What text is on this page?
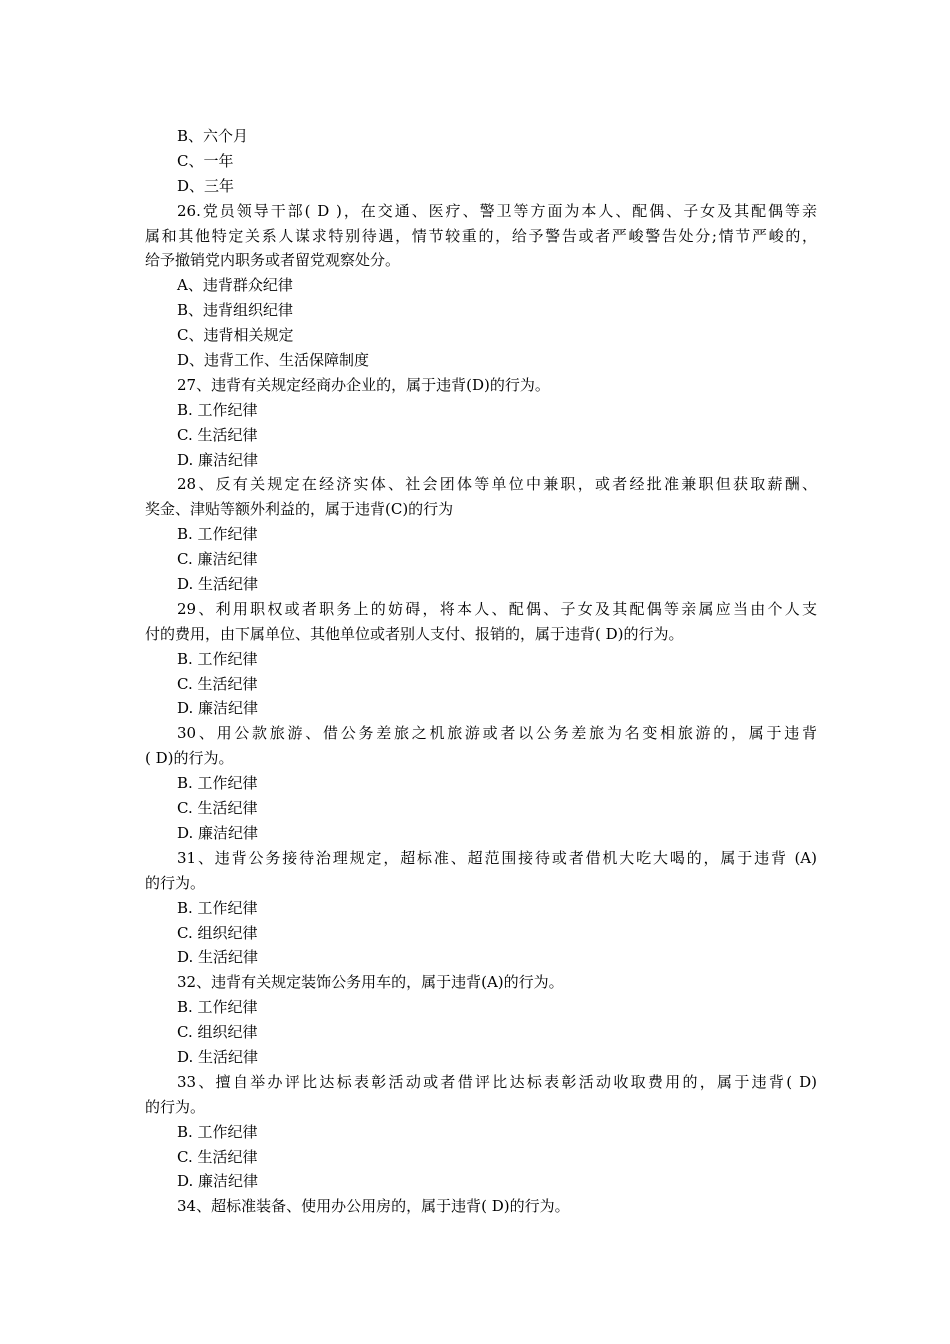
B、六个月
C、一年
D、三年
26.党员领导干部( D )，在交通、医疗、警卫等方面为本人、配偶、子女及其配偶等亲
属和其他特定关系人谋求特别待遇，情节较重的，给予警告或者严峻警告处分;情节严峻的，
给予撤销党内职务或者留党观察处分。
A、违背群众纪律
B、违背组织纪律
C、违背相关规定
D、违背工作、生活保障制度
27、违背有关规定经商办企业的，属于违背(D)的行为。
B. 工作纪律
C. 生活纪律
D. 廉洁纪律
28、反有关规定在经济实体、社会团体等单位中兼职，或者经批准兼职但获取薪酬、
奖金、津贴等额外利益的，属于违背(C)的行为
B. 工作纪律
C. 廉洁纪律
D. 生活纪律
29、利用职权或者职务上的妨碍，将本人、配偶、子女及其配偶等亲属应当由个人支
付的费用，由下属单位、其他单位或者别人支付、报销的，属于违背( D)的行为。
B. 工作纪律
C. 生活纪律
D. 廉洁纪律
30、用公款旅游、借公务差旅之机旅游或者以公务差旅为名变相旅游的，属于违背
( D)的行为。
B. 工作纪律
C. 生活纪律
D. 廉洁纪律
31、违背公务接待治理规定，超标准、超范围接待或者借机大吃大喝的，属于违背 (A)
的行为。
B. 工作纪律
C. 组织纪律
D. 生活纪律
32、违背有关规定装饰公务用车的，属于违背(A)的行为。
B. 工作纪律
C. 组织纪律
D. 生活纪律
33、擅自举办评比达标表彰活动或者借评比达标表彰活动收取费用的，属于违背( D)
的行为。
B. 工作纪律
C. 生活纪律
D. 廉洁纪律
34、超标准装备、使用办公用房的，属于违背( D)的行为。
